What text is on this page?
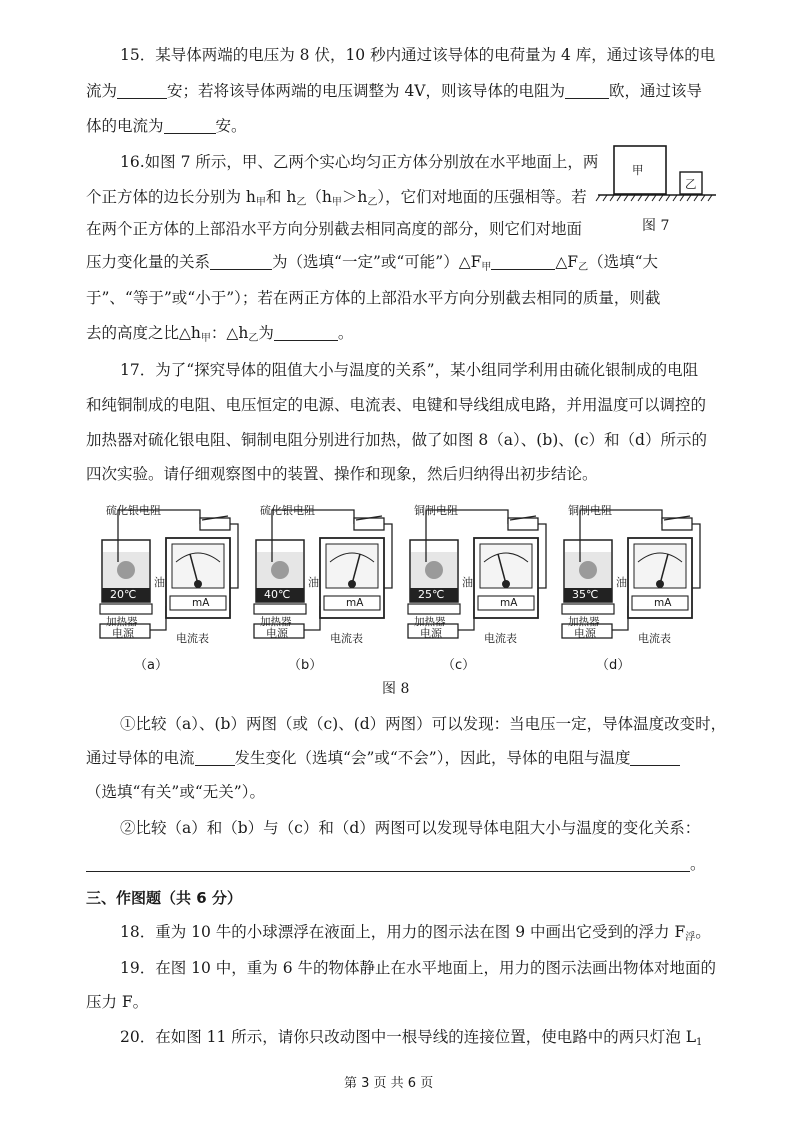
15．某导体两端的电压为 8 伏，10 秒内通过该导体的电荷量为 4 库，通过该导体的电
流为	安；若将该导体两端的电压调整为 4V，则该导体的电阻为	欧，通过该导
体的电流为	安。
16.如图 7 所示，甲、乙两个实心均匀正方体分别放在水平地面上，两
个正方体的边长分别为 $h_甲$和 $h_乙(h_甲>h_乙)$，它们对地面的压强相等。若
在两个正方体的上部沿水平方向分别截去相同高度的部分，则它们对地面
甲
乙
图 7
压力变化量的关系	为（选填“一定”或“可能$”)\triangle F_甲$	$\triangle F_乙$（选填“大
于”、“等于”或“小于”）；若在两正方体的上部沿水平方向分别截去相同的质量，则截
去的高度之比$\triangle h_甲$：$\triangle h_乙$为	。
17．为了“探究导体的阻值大小与温度的关系”，某小组同学利用由硫化银制成的电阻
和纯铜制成的电阻、电压恒定的电源、电流表、电键和导线组成电路，并用温度可以调控的
加热器对硫化银电阻、铜制电阻分别进行加热，做了如图 8（a）、(b)、(c）和（d）所示的
四次实验。请仔细观察图中的装置、操作和现象，然后归纳得出初步结论。
硫化银电阻
油
20℃
加热器
电源
mA
电流表
（a）
硫化银电阻
油
40℃
加热器
电源
mA
电流表
（b）
铜制电阻
油
25℃
加热器
电源
mA
电流表
（c）
铜制电阻
油
35℃
加热器
电源
mA
电流表
（d）
图 8
①比较（a）、(b）两图（或（c)、(d）两图）可以发现：当电压一定，导体温度改变时，
通过导体的电流	发生变化（选填“会”或“不会”），因此，导体的电阻与温度
（选填“有关”或“无关”）。
②比较（a）和（b）与（c）和（d）两图可以发现导体电阻大小与温度的变化关系：
。
三、作图题（共 6 分）
18．重为 10 牛的小球漂浮在液面上，用力的图示法在图 9 中画出它受到的浮力 $F_浮$。
19．在图 10 中，重为 6 牛的物体静止在水平地面上，用力的图示法画出物体对地面的
压力 F。
20．在如图 11 所示，请你只改动图中一根导线的连接位置，使电路中的两只灯泡 $L_1$
第 3 页 共 6 页
